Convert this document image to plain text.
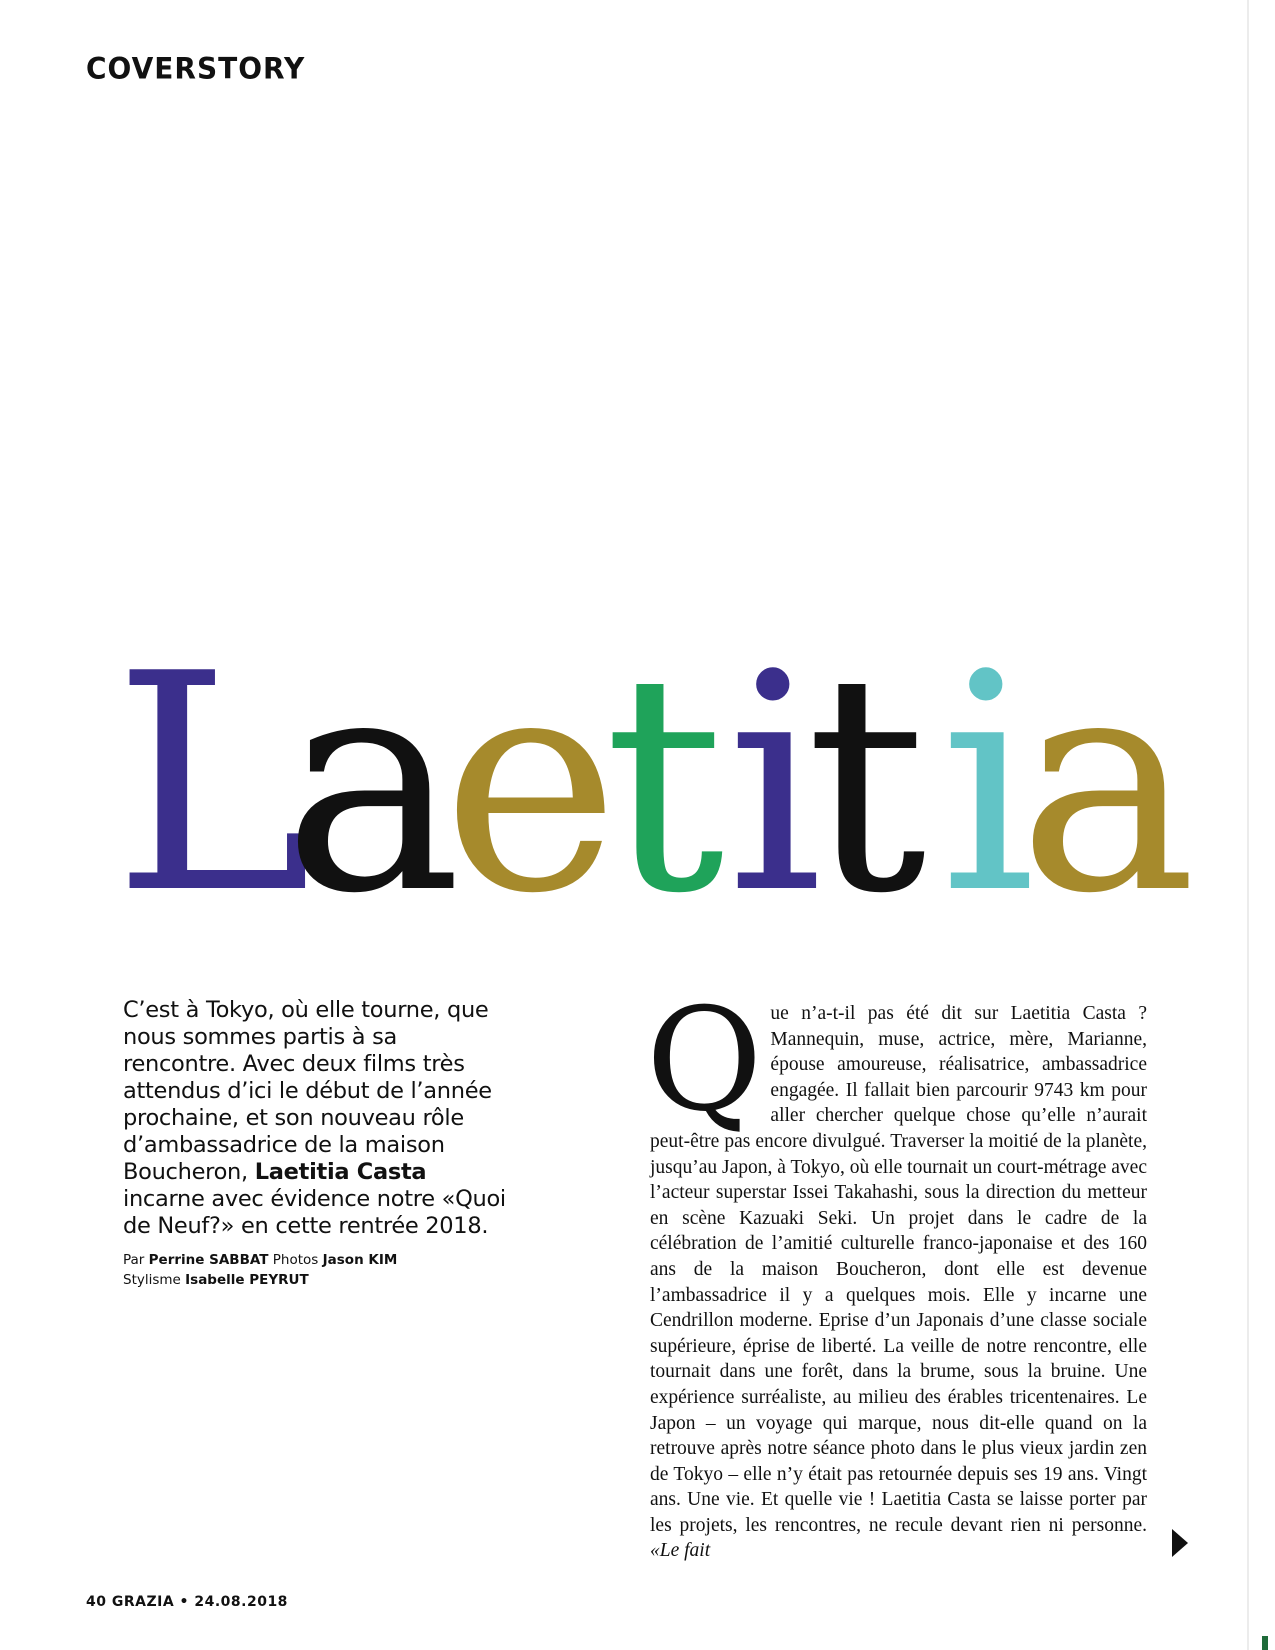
COVERSTORY
L
a
e
t i
t i
a
C’est à Tokyo, où elle tourne, que nous sommes partis à sa rencontre. Avec deux films très attendus d’ici le début de l’année prochaine, et son nouveau rôle d’ambassadrice de la maison Boucheron, Laetitia Casta incarne avec évidence notre «Quoi de Neuf?» en cette rentrée 2018.
Par Perrine SABBAT Photos Jason KIM
Stylisme Isabelle PEYRUT
Que n’a-t-il pas été dit sur Laetitia Casta ? Mannequin, muse, actrice, mère, Marianne, épouse amoureuse, réalisatrice, ambassadrice engagée. Il fallait bien parcourir 9743 km pour aller chercher quelque chose qu’elle n’aurait peut-être pas encore divulgué. Traverser la moitié de la planète, jusqu’au Japon, à Tokyo, où elle tournait un court-métrage avec l’acteur superstar Issei Takahashi, sous la direction du metteur en scène Kazuaki Seki. Un projet dans le cadre de la célébration de l’amitié culturelle franco-japonaise et des 160 ans de la maison Boucheron, dont elle est devenue l’ambassadrice il y a quelques mois. Elle y incarne une Cendrillon moderne. Eprise d’un Japonais d’une classe sociale supérieure, éprise de liberté. La veille de notre rencontre, elle tournait dans une forêt, dans la brume, sous la bruine. Une expérience surréaliste, au milieu des érables tricentenaires. Le Japon – un voyage qui marque, nous dit-elle quand on la retrouve après notre séance photo dans le plus vieux jardin zen de Tokyo – elle n’y était pas retournée depuis ses 19 ans. Vingt ans. Une vie. Et quelle vie ! Laetitia Casta se laisse porter par les projets, les rencontres, ne recule devant rien ni personne. «Le fait
40 GRAZIA • 24.08.2018
